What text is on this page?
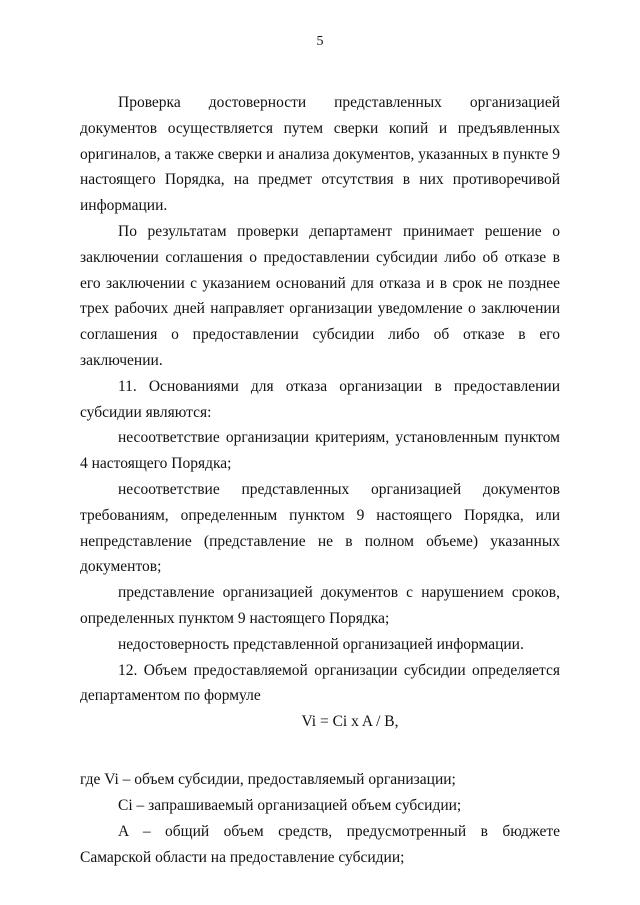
5

Проверка достоверности представленных организацией документов осуществляется путем сверки копий и предъявленных оригиналов, а также сверки и анализа документов, указанных в пункте 9 настоящего Порядка, на предмет отсутствия в них противоречивой информации.

По результатам проверки департамент принимает решение о заключении соглашения о предоставлении субсидии либо об отказе в его заключении с указанием оснований для отказа и в срок не позднее трех рабочих дней направляет организации уведомление о заключении соглашения о предоставлении субсидии либо об отказе в его заключении.

11. Основаниями для отказа организации в предоставлении субсидии являются:

несоответствие организации критериям, установленным пунктом 4 настоящего Порядка;

несоответствие представленных организацией документов требованиям, определенным пунктом 9 настоящего Порядка, или непредставление (представление не в полном объеме) указанных документов;

представление организацией документов с нарушением сроков, определенных пунктом 9 настоящего Порядка;

недостоверность представленной организацией информации.

12. Объем предоставляемой организации субсидии определяется департаментом по формуле

Vi = Ci x A / B,

где Vi – объем субсидии, предоставляемый организации;

Ci – запрашиваемый организацией объем субсидии;

A – общий объем средств, предусмотренный в бюджете Самарской области на предоставление субсидии;
